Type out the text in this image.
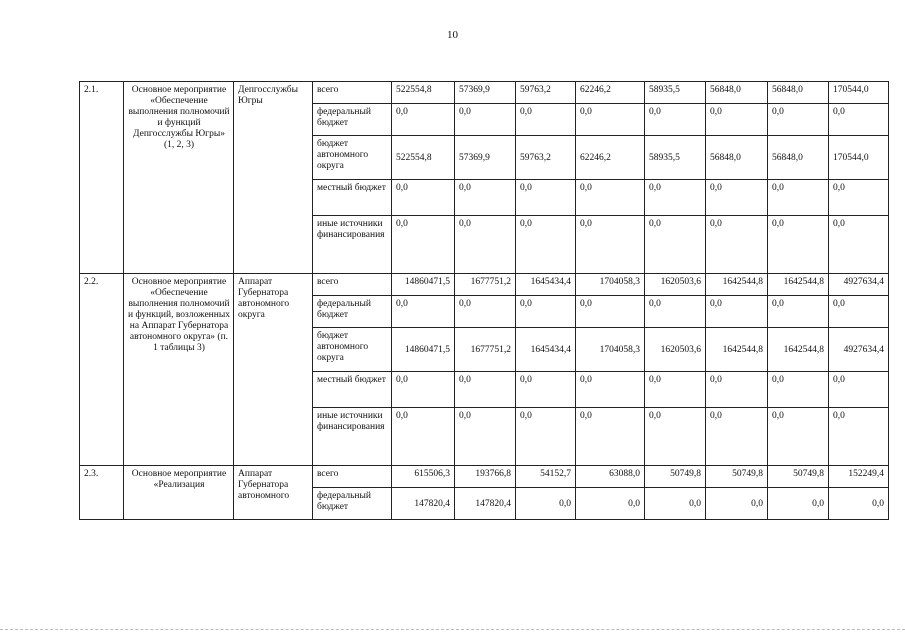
10
2.1.	Основное мероприятие «Обеспечение выполнения полномочий и функций Депгосслужбы Югры» (1, 2, 3)	Депгосслужбы Югры	всего	522554,8	57369,9	59763,2	62246,2	58935,5	56848,0	56848,0	170544,0
			федеральный бюджет	0,0	0,0	0,0	0,0	0,0	0,0	0,0	0,0
			бюджет автономного округа	522554,8	57369,9	59763,2	62246,2	58935,5	56848,0	56848,0	170544,0
			местный бюджет	0,0	0,0	0,0	0,0	0,0	0,0	0,0	0,0
			иные источники финансирования	0,0	0,0	0,0	0,0	0,0	0,0	0,0	0,0
2.2.	Основное мероприятие «Обеспечение выполнения полномочий и функций, возложенных на Аппарат Губернатора автономного округа» (п. 1 таблицы 3)	Аппарат Губернатора автономного округа	всего	14860471,5	1677751,2	1645434,4	1704058,3	1620503,6	1642544,8	1642544,8	4927634,4
			федеральный бюджет	0,0	0,0	0,0	0,0	0,0	0,0	0,0	0,0
			бюджет автономного округа	14860471,5	1677751,2	1645434,4	1704058,3	1620503,6	1642544,8	1642544,8	4927634,4
			местный бюджет	0,0	0,0	0,0	0,0	0,0	0,0	0,0	0,0
			иные источники финансирования	0,0	0,0	0,0	0,0	0,0	0,0	0,0	0,0
2.3.	Основное мероприятие «Реализация	Аппарат Губернатора автономного	всего	615506,3	193766,8	54152,7	63088,0	50749,8	50749,8	50749,8	152249,4
			федеральный бюджет	147820,4	147820,4	0,0	0,0	0,0	0,0	0,0	0,0
